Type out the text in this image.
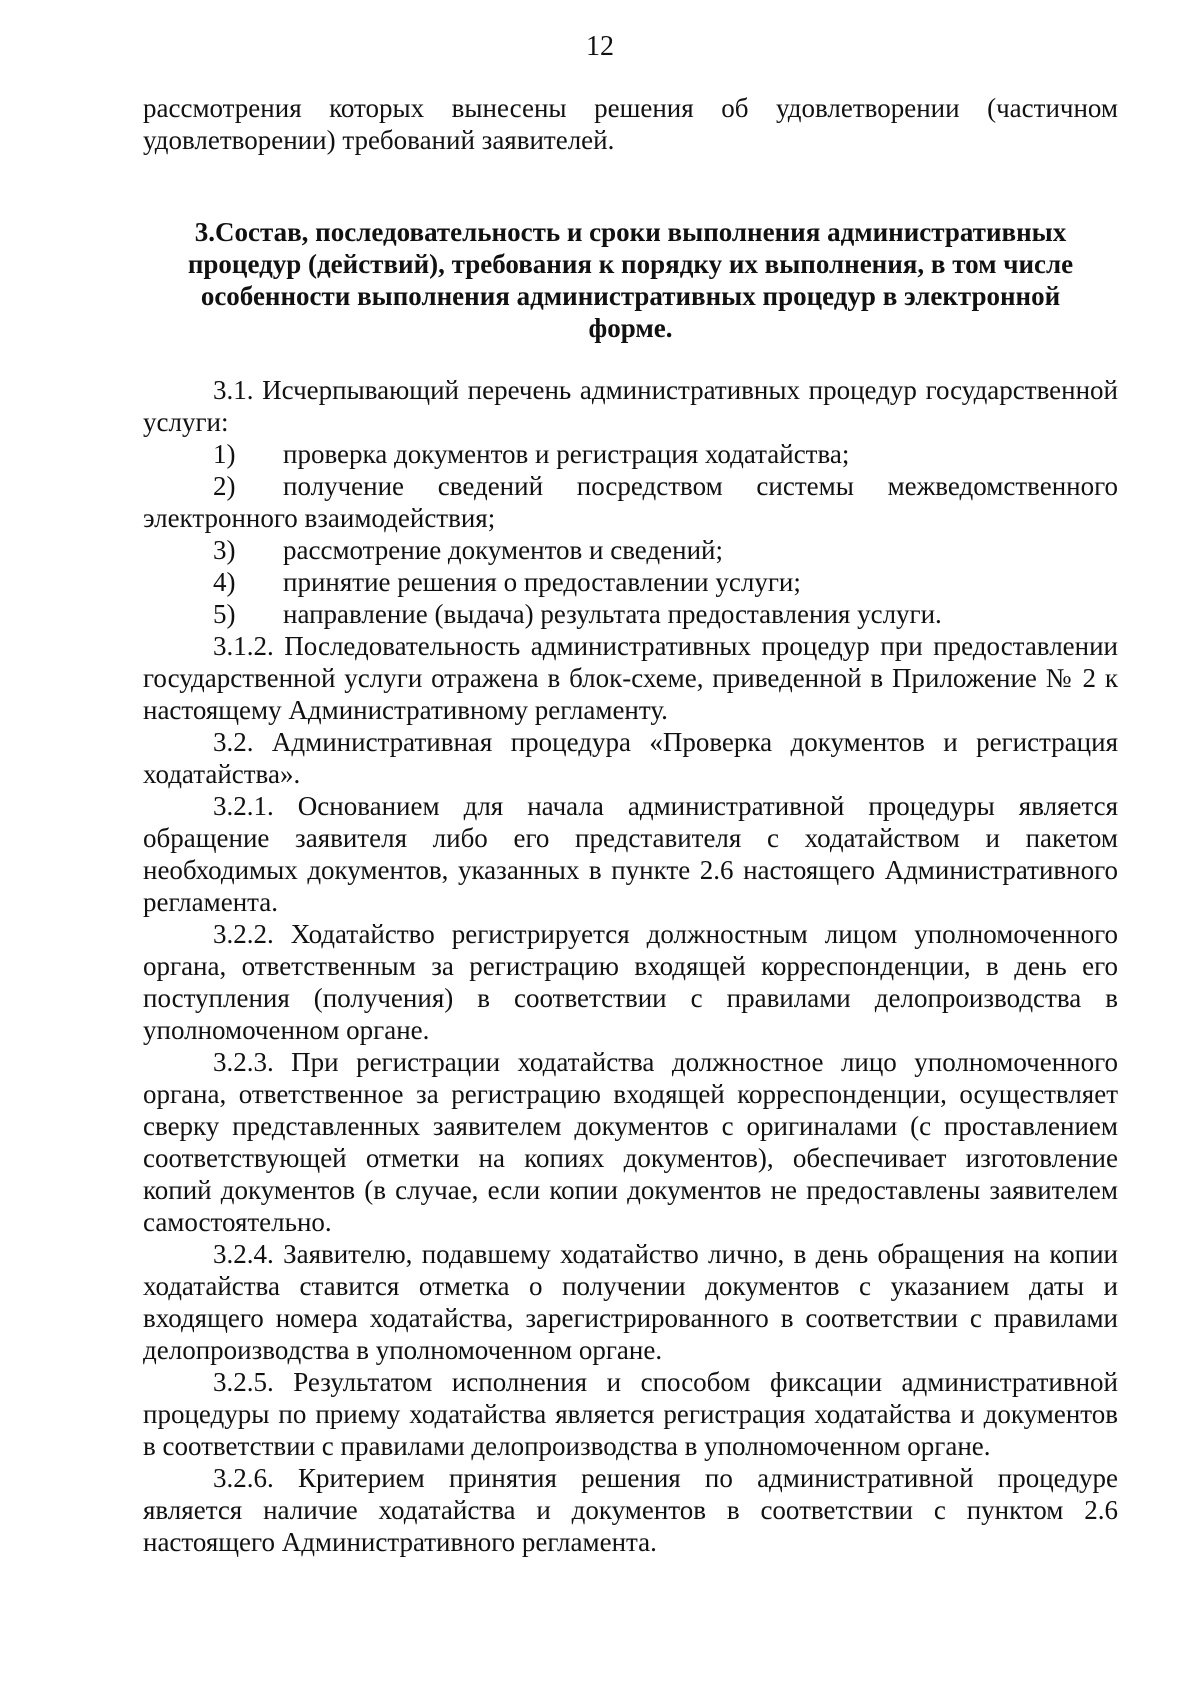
12

рассмотрения которых вынесены решения об удовлетворении (частичном удовлетворении) требований заявителей.

3.Состав, последовательность и сроки выполнения административных процедур (действий), требования к порядку их выполнения, в том числе особенности выполнения административных процедур в электронной форме.

3.1. Исчерпывающий перечень административных процедур государственной услуги:

1) проверка документов и регистрация ходатайства;

2) получение сведений посредством системы межведомственного электронного взаимодействия;

3) рассмотрение документов и сведений;

4) принятие решения о предоставлении услуги;

5) направление (выдача) результата предоставления услуги.

3.1.2. Последовательность административных процедур при предоставлении государственной услуги отражена в блок-схеме, приведенной в Приложение № 2 к настоящему Административному регламенту.

3.2. Административная процедура «Проверка документов и регистрация ходатайства».

3.2.1. Основанием для начала административной процедуры является обращение заявителя либо его представителя с ходатайством и пакетом необходимых документов, указанных в пункте 2.6 настоящего Административного регламента.

3.2.2. Ходатайство регистрируется должностным лицом уполномоченного органа, ответственным за регистрацию входящей корреспонденции, в день его поступления (получения) в соответствии с правилами делопроизводства в уполномоченном органе.

3.2.3. При регистрации ходатайства должностное лицо уполномоченного органа, ответственное за регистрацию входящей корреспонденции, осуществляет сверку представленных заявителем документов с оригиналами (с проставлением соответствующей отметки на копиях документов), обеспечивает изготовление копий документов (в случае, если копии документов не предоставлены заявителем самостоятельно.

3.2.4. Заявителю, подавшему ходатайство лично, в день обращения на копии ходатайства ставится отметка о получении документов с указанием даты и входящего номера ходатайства, зарегистрированного в соответствии с правилами делопроизводства в уполномоченном органе.

3.2.5. Результатом исполнения и способом фиксации административной процедуры по приему ходатайства является регистрация ходатайства и документов в соответствии с правилами делопроизводства в уполномоченном органе.

3.2.6. Критерием принятия решения по административной процедуре является наличие ходатайства и документов в соответствии с пунктом 2.6 настоящего Административного регламента.
